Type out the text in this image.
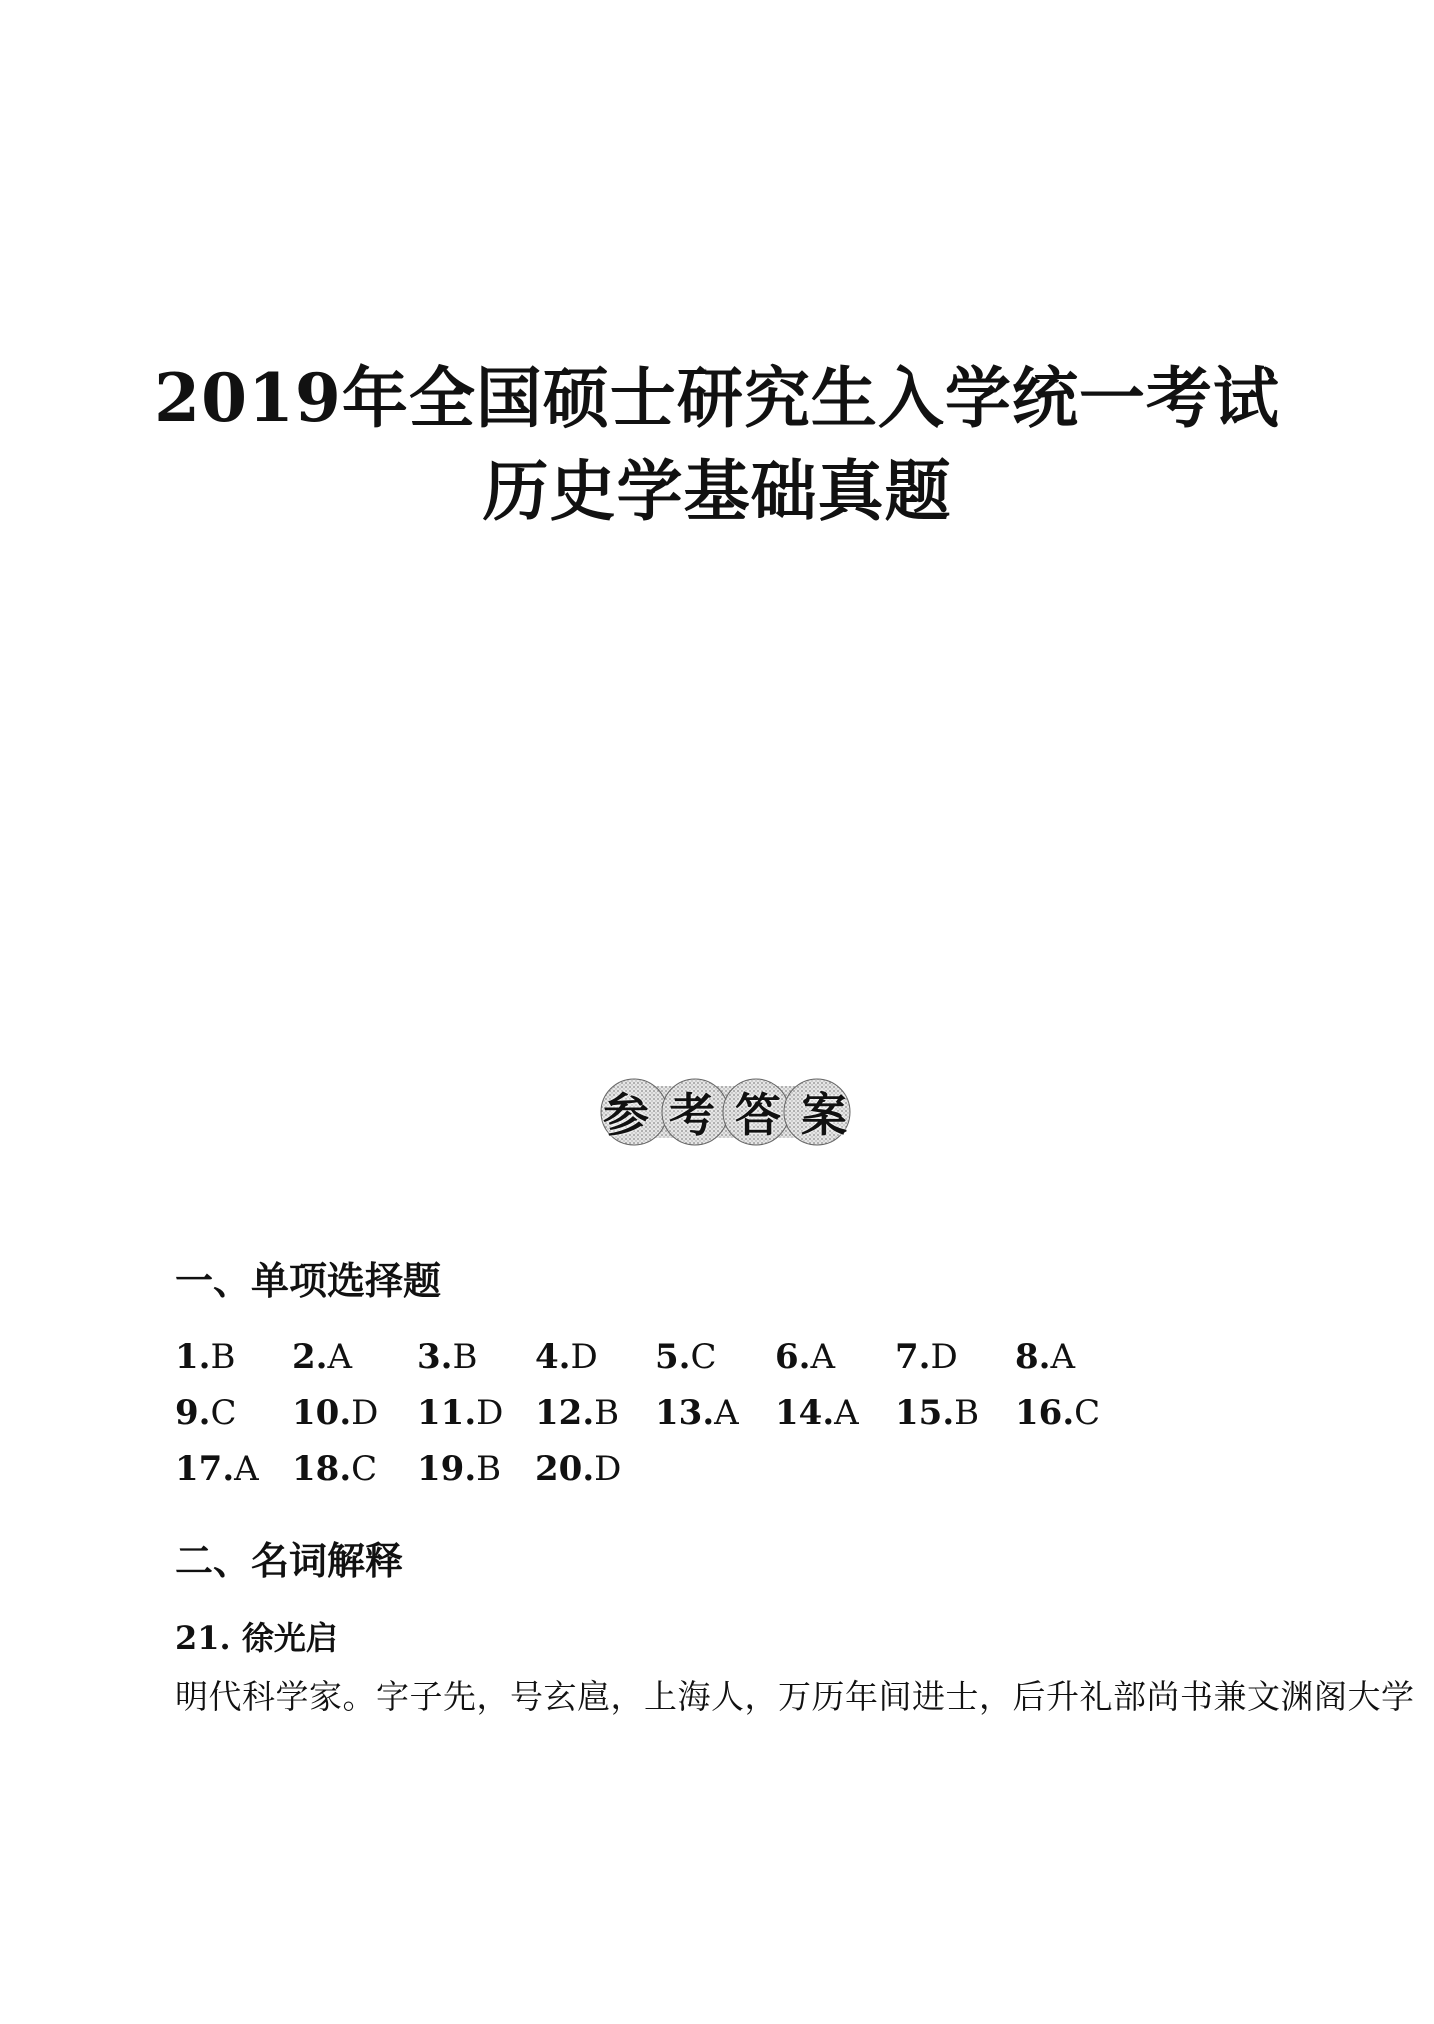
2019年全国硕士研究生入学统一考试
历史学基础真题
参 考 答 案
一、单项选择题
1.B 2.A 3.B 4.D 5.C 6.A 7.D 8.A
9.C 10.D 11.D 12.B 13.A 14.A 15.B 16.C
17.A 18.C 19.B 20.D
二、名词解释
21. 徐光启
明代科学家。字子先，号玄扈，上海人，万历年间进士，后升礼部尚书兼文渊阁大学
